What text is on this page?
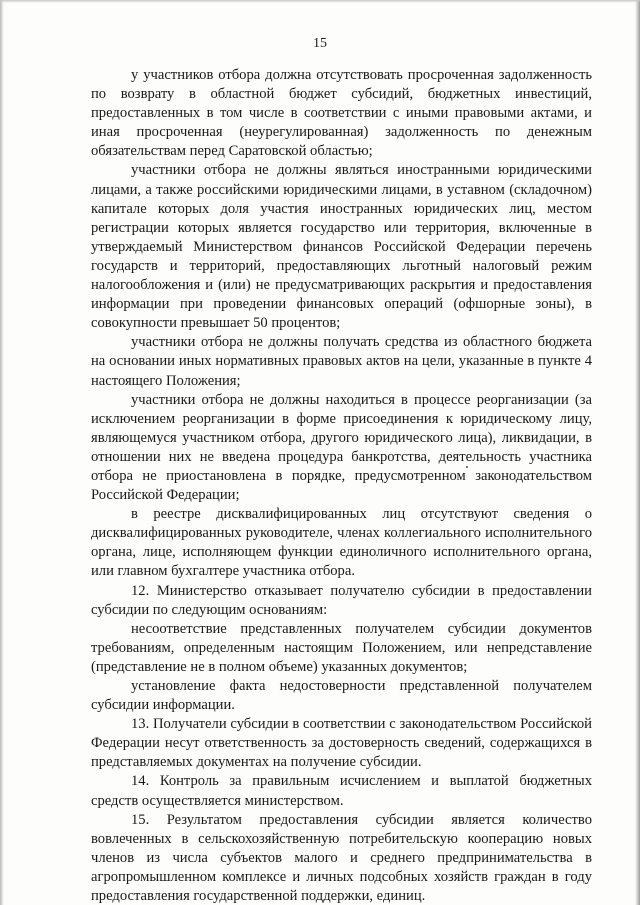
15

у участников отбора должна отсутствовать просроченная задолженность по возврату в областной бюджет субсидий, бюджетных инвестиций, предоставленных в том числе в соответствии с иными правовыми актами, и иная просроченная (неурегулированная) задолженность по денежным обязательствам перед Саратовской областью;

участники отбора не должны являться иностранными юридическими лицами, а также российскими юридическими лицами, в уставном (складочном) капитале которых доля участия иностранных юридических лиц, местом регистрации которых является государство или территория, включенные в утверждаемый Министерством финансов Российской Федерации перечень государств и территорий, предоставляющих льготный налоговый режим налогообложения и (или) не предусматривающих раскрытия и предоставления информации при проведении финансовых операций (офшорные зоны), в совокупности превышает 50 процентов;

участники отбора не должны получать средства из областного бюджета на основании иных нормативных правовых актов на цели, указанные в пункте 4 настоящего Положения;

участники отбора не должны находиться в процессе реорганизации (за исключением реорганизации в форме присоединения к юридическому лицу, являющемуся участником отбора, другого юридического лица), ликвидации, в отношении них не введена процедура банкротства, деятельность участника отбора не приостановлена в порядке, предусмотренном законодательством Российской Федерации;

в реестре дисквалифицированных лиц отсутствуют сведения о дисквалифицированных руководителе, членах коллегиального исполнительного органа, лице, исполняющем функции единоличного исполнительного органа, или главном бухгалтере участника отбора.

12. Министерство отказывает получателю субсидии в предоставлении субсидии по следующим основаниям:

несоответствие представленных получателем субсидии документов требованиям, определенным настоящим Положением, или непредставление (представление не в полном объеме) указанных документов;

установление факта недостоверности представленной получателем субсидии информации.

13. Получатели субсидии в соответствии с законодательством Российской Федерации несут ответственность за достоверность сведений, содержащихся в представляемых документах на получение субсидии.

14. Контроль за правильным исчислением и выплатой бюджетных средств осуществляется министерством.

15. Результатом предоставления субсидии является количество вовлеченных в сельскохозяйственную потребительскую кооперацию новых членов из числа субъектов малого и среднего предпринимательства в агропромышленном комплексе и личных подсобных хозяйств граждан в году предоставления государственной поддержки, единиц.
